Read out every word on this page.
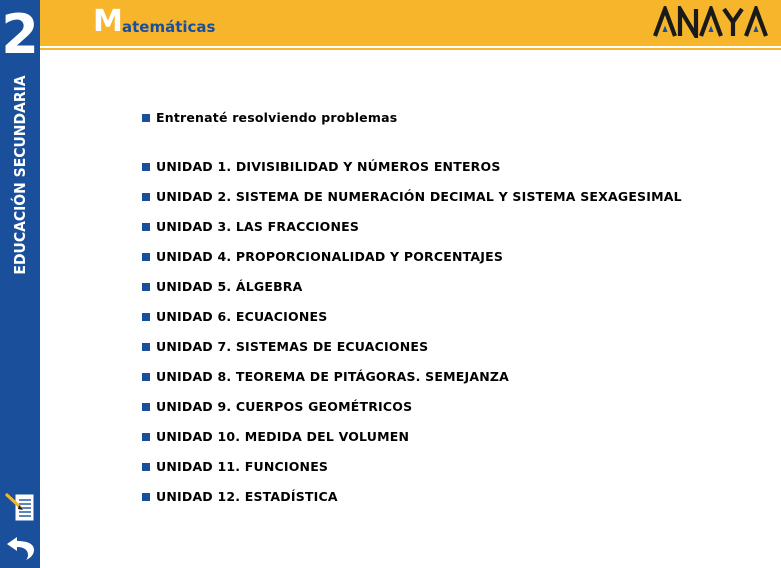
2
EDUCACIÓN SECUNDARIA
M atemáticas
Entrenaté resolviendo problemas
UNIDAD 1. DIVISIBILIDAD Y NÚMEROS ENTEROS
UNIDAD 2. SISTEMA DE NUMERACIÓN DECIMAL Y SISTEMA SEXAGESIMAL
UNIDAD 3. LAS FRACCIONES
UNIDAD 4. PROPORCIONALIDAD Y PORCENTAJES
UNIDAD 5. ÁLGEBRA
UNIDAD 6. ECUACIONES
UNIDAD 7. SISTEMAS DE ECUACIONES
UNIDAD 8. TEOREMA DE PITÁGORAS. SEMEJANZA
UNIDAD 9. CUERPOS GEOMÉTRICOS
UNIDAD 10. MEDIDA DEL VOLUMEN
UNIDAD 11. FUNCIONES
UNIDAD 12. ESTADÍSTICA
